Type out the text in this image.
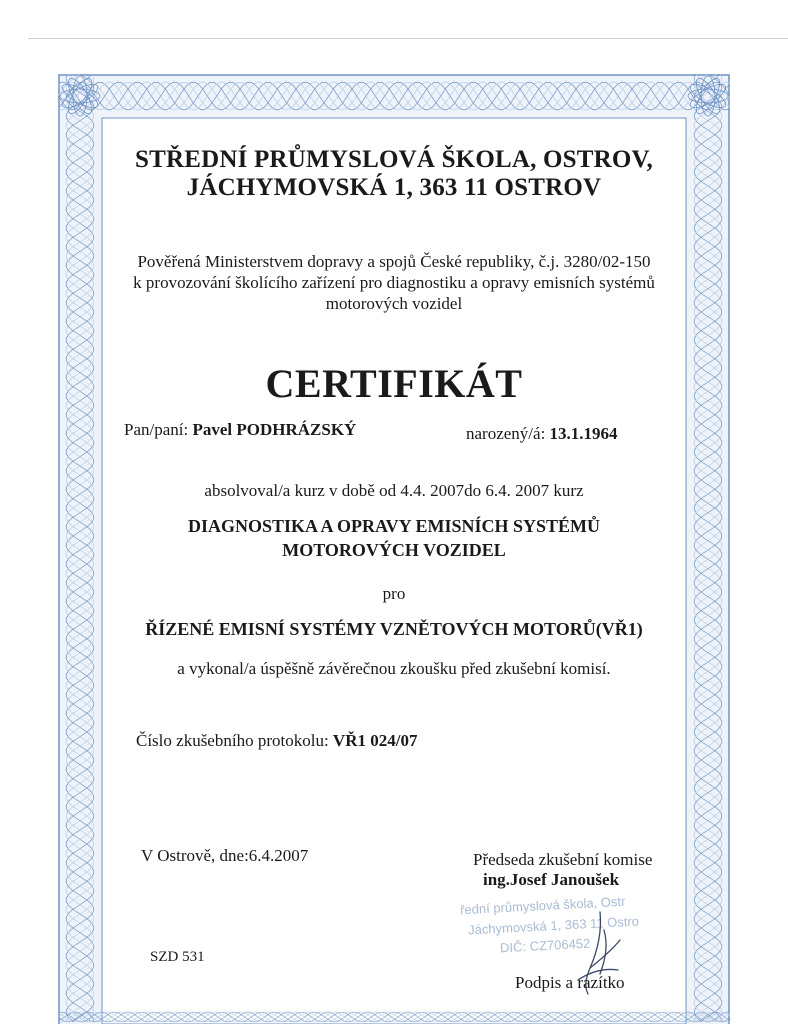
STŘEDNÍ PRŮMYSLOVÁ ŠKOLA, OSTROV,
JÁCHYMOVSKÁ 1, 363 11 OSTROV
Pověřená Ministerstvem dopravy a spojů České republiky, č.j. 3280/02-150
k provozování školícího zařízení pro diagnostiku a opravy emisních systémů
motorových vozidel
CERTIFIKÁT
Pan/paní: Pavel PODHRÁZSKÝ	narozený/á: 13.1.1964
absolvoval/a kurz v době od 4.4. 2007do 6.4. 2007 kurz
DIAGNOSTIKA A OPRAVY EMISNÍCH SYSTÉMŮ
MOTOROVÝCH VOZIDEL
pro
ŘÍZENÉ EMISNÍ SYSTÉMY VZNĚTOVÝCH MOTORŮ(VŘ1)
a vykonal/a úspěšně závěrečnou zkoušku před zkušební komisí.
Číslo zkušebního protokolu: VŘ1 024/07
V Ostrově, dne:6.4.2007	Předseda zkušební komise
ing.Josef Janoušek
řední průmyslová škola, Ostr
Jáchymovská 1, 363 11 Ostro
DIČ: CZ706452
SZD 531
Podpis a razítko
